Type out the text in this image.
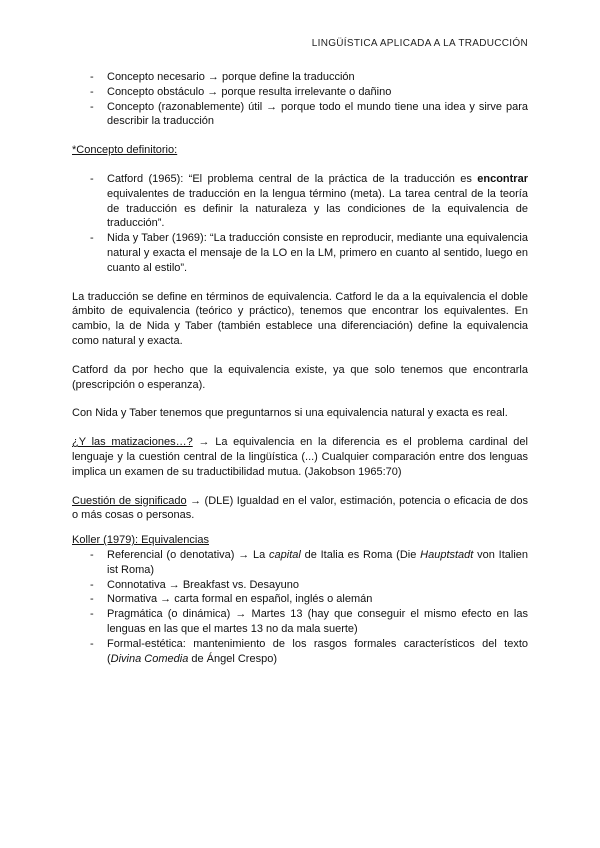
LINGÜÍSTICA APLICADA A LA TRADUCCIÓN
- Concepto necesario → porque define la traducción
- Concepto obstáculo → porque resulta irrelevante o dañino
- Concepto (razonablemente) útil → porque todo el mundo tiene una idea y sirve para describir la traducción

*Concepto definitorio:

- Catford (1965): “El problema central de la práctica de la traducción es encontrar equivalentes de traducción en la lengua término (meta). La tarea central de la teoría de traducción es definir la naturaleza y las condiciones de la equivalencia de traducción”.
- Nida y Taber (1969): “La traducción consiste en reproducir, mediante una equivalencia natural y exacta el mensaje de la LO en la LM, primero en cuanto al sentido, luego en cuanto al estilo”.

La traducción se define en términos de equivalencia. Catford le da a la equivalencia el doble ámbito de equivalencia (teórico y práctico), tenemos que encontrar los equivalentes. En cambio, la de Nida y Taber (también establece una diferenciación) define la equivalencia como natural y exacta.

Catford da por hecho que la equivalencia existe, ya que solo tenemos que encontrarla (prescripción o esperanza).

Con Nida y Taber tenemos que preguntarnos si una equivalencia natural y exacta es real.

¿Y las matizaciones…? → La equivalencia en la diferencia es el problema cardinal del lenguaje y la cuestión central de la lingüística (...) Cualquier comparación entre dos lenguas implica un examen de su traductibilidad mutua. (Jakobson 1965:70)

Cuestión de significado → (DLE) Igualdad en el valor, estimación, potencia o eficacia de dos o más cosas o personas.

Koller (1979): Equivalencias

- Referencial (o denotativa) → La capital de Italia es Roma (Die Hauptstadt von Italien ist Roma)
- Connotativa → Breakfast vs. Desayuno
- Normativa → carta formal en español, inglés o alemán
- Pragmática (o dinámica) → Martes 13 (hay que conseguir el mismo efecto en las lenguas en las que el martes 13 no da mala suerte)
- Formal-estética: mantenimiento de los rasgos formales característicos del texto (Divina Comedia de Ángel Crespo)
